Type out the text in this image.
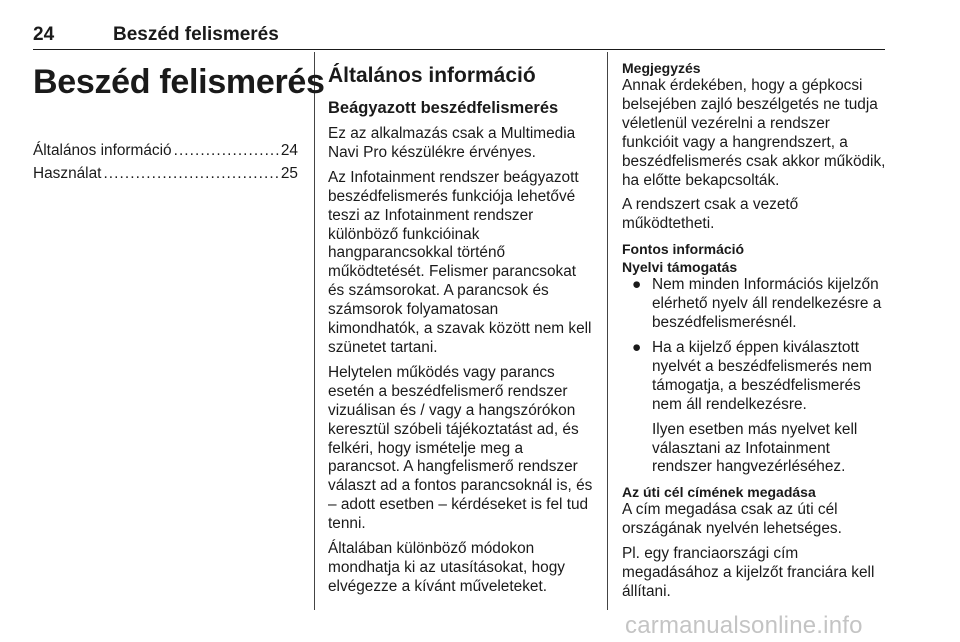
24	Beszéd felismerés
Beszéd felismerés
Általános információ . . .	24
Használat . . .	25
Általános információ
Beágyazott beszédfelismerés

Ez az alkalmazás csak a Multimedia Navi Pro készülékre érvényes.

Az Infotainment rendszer beágyazott beszédfelismerés funkciója lehetővé teszi az Infotainment rendszer különböző funkcióinak hangparancsokkal történő működtetését. Felismer parancsokat és számsorokat. A parancsok és számsorok folyamatosan kimondhatók, a szavak között nem kell szünetet tartani.

Helytelen működés vagy parancs esetén a beszédfelismerő rendszer vizuálisan és / vagy a hangszórókon keresztül szóbeli tájékoztatást ad, és felkéri, hogy ismételje meg a parancsot. A hangfelismerő rendszer választ ad a fontos parancsoknál is, és – adott esetben – kérdéseket is fel tud tenni.

Általában különböző módokon mondhatja ki az utasításokat, hogy elvégezze a kívánt műveleteket.

Megjegyzés

Annak érdekében, hogy a gépkocsi belsejében zajló beszélgetés ne tudja véletlenül vezérelni a rendszer funkcióit vagy a hangrendszert, a beszédfelismerés csak akkor működik, ha előtte bekapcsolták.

A rendszert csak a vezető működtetheti.

Fontos információ
Nyelvi támogatás
● Nem minden Információs kijelzőn elérhető nyelv áll rendelkezésre a beszédfelismerésnél.

● Ha a kijelző éppen kiválasztott nyelvét a beszédfelismerés nem támogatja, a beszédfelismerés nem áll rendelkezésre.

Ilyen esetben más nyelvet kell választani az Infotainment rendszer hangvezérléséhez.

Az úti cél címének megadása

A cím megadása csak az úti cél országának nyelvén lehetséges.

Pl. egy franciaországi cím megadásához a kijelzőt franciára kell állítani.

carmanualsonline.info
